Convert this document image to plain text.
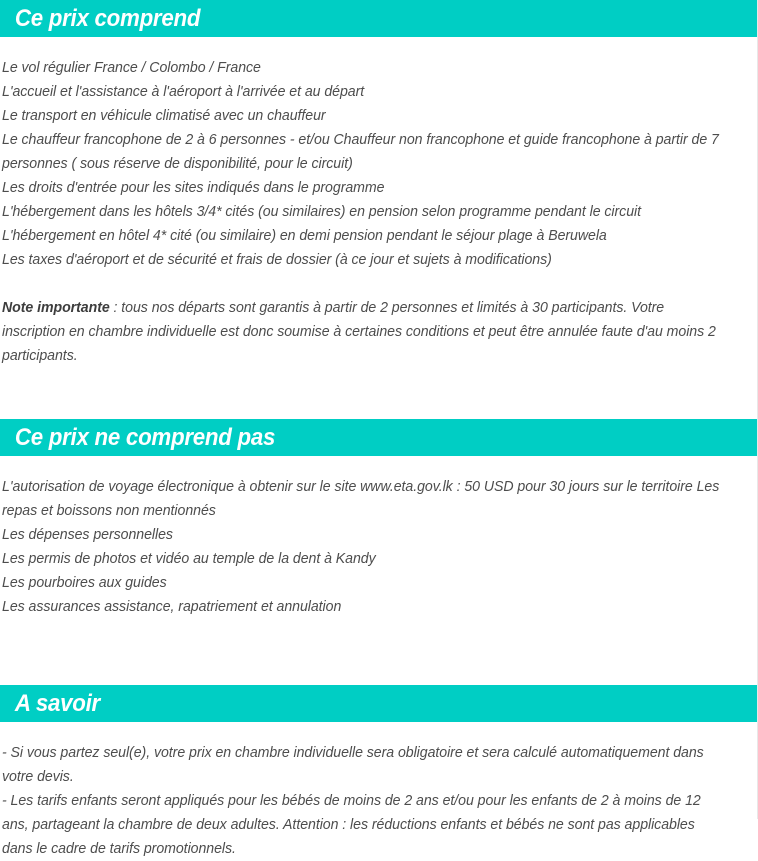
Ce prix comprend
Le vol régulier France / Colombo / France
L'accueil et l'assistance à l'aéroport à l'arrivée et au départ
Le transport en véhicule climatisé avec un chauffeur
Le chauffeur francophone de 2 à 6 personnes - et/ou Chauffeur non francophone et guide francophone à partir de 7 personnes ( sous réserve de disponibilité, pour le circuit)
Les droits d'entrée pour les sites indiqués dans le programme
L'hébergement dans les hôtels 3/4* cités (ou similaires) en pension selon programme pendant le circuit
L'hébergement en hôtel 4* cité (ou similaire) en demi pension pendant le séjour plage à Beruwela
Les taxes d'aéroport et de sécurité et frais de dossier (à ce jour et sujets à modifications)
Note importante : tous nos départs sont garantis à partir de 2 personnes et limités à 30 participants. Votre inscription en chambre individuelle est donc soumise à certaines conditions et peut être annulée faute d'au moins 2 participants.
Ce prix ne comprend pas
L'autorisation de voyage électronique à obtenir sur le site www.eta.gov.lk : 50 USD pour 30 jours sur le territoire Les repas et boissons non mentionnés
Les dépenses personnelles
Les permis de photos et vidéo au temple de la dent à Kandy
Les pourboires aux guides
Les assurances assistance, rapatriement et annulation
A savoir
- Si vous partez seul(e), votre prix en chambre individuelle sera obligatoire et sera calculé automatiquement dans votre devis.
- Les tarifs enfants seront appliqués pour les bébés de moins de 2 ans et/ou pour les enfants de 2 à moins de 12 ans, partageant la chambre de deux adultes. Attention : les réductions enfants et bébés ne sont pas applicables dans le cadre de tarifs promotionnels.
